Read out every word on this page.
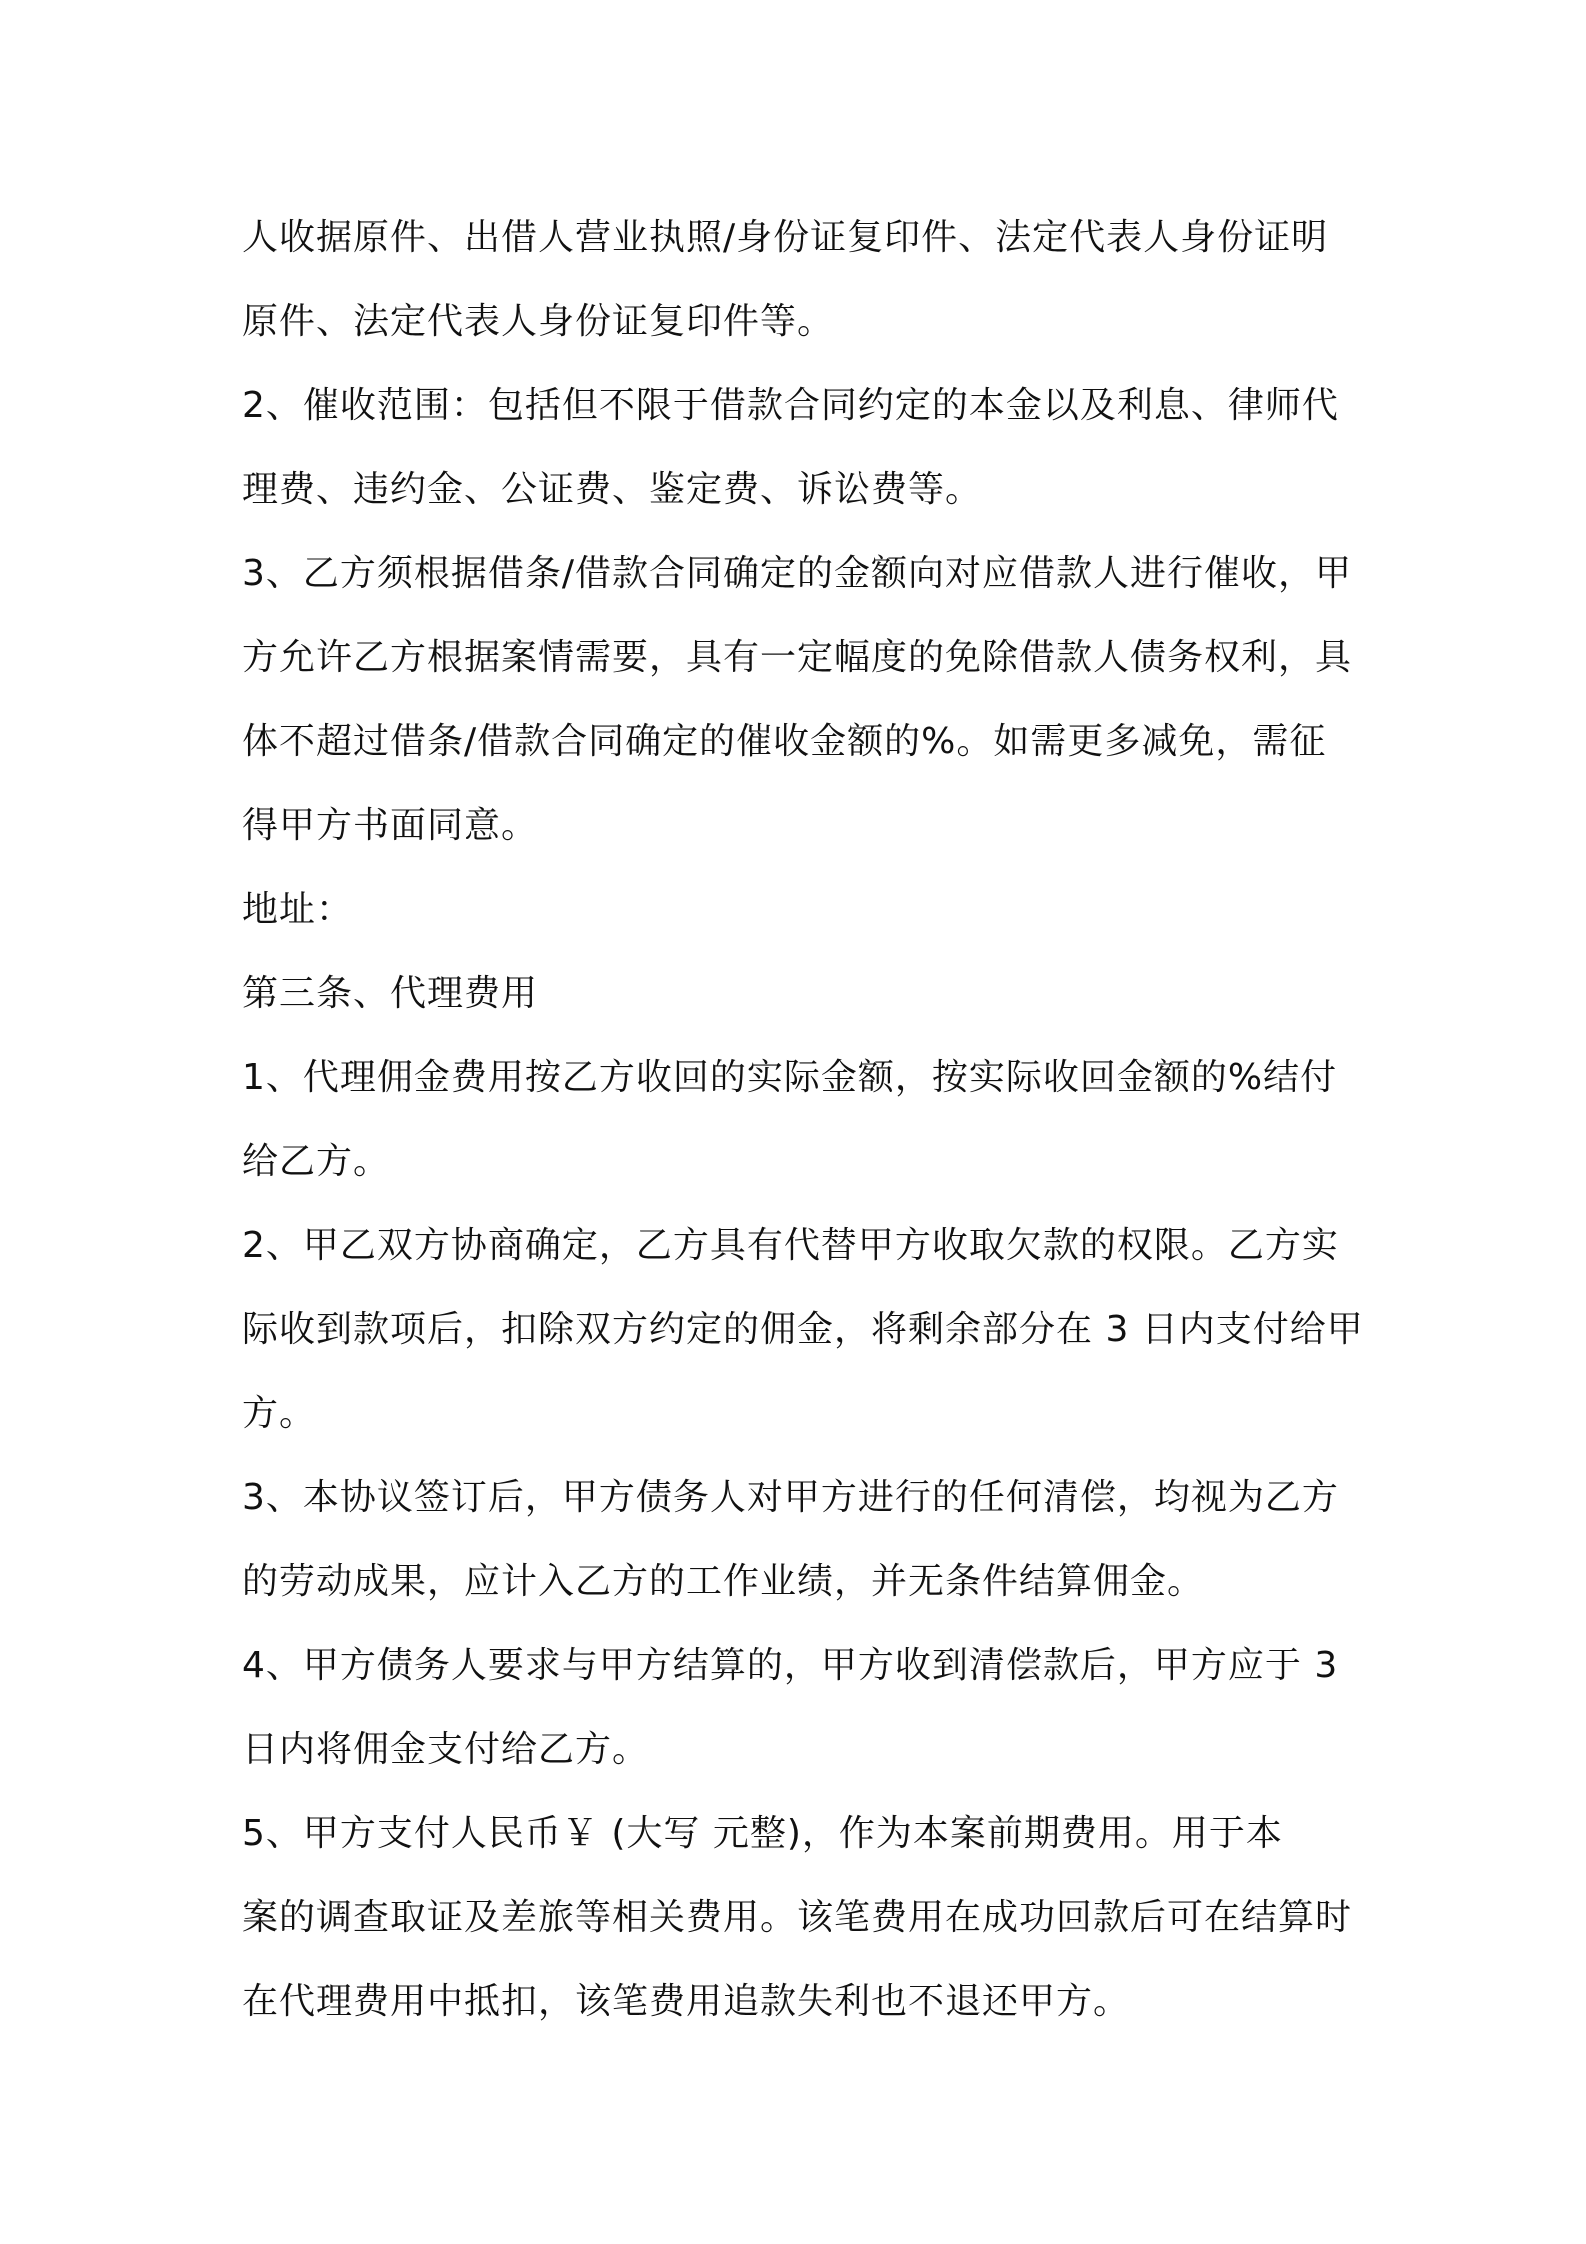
人收据原件、出借人营业执照/身份证复印件、法定代表人身份证明
原件、法定代表人身份证复印件等。
2、催收范围：包括但不限于借款合同约定的本金以及利息、律师代
理费、违约金、公证费、鉴定费、诉讼费等。
3、乙方须根据借条/借款合同确定的金额向对应借款人进行催收，甲
方允许乙方根据案情需要，具有一定幅度的免除借款人债务权利，具
体不超过借条/借款合同确定的催收金额的%。如需更多减免，需征
得甲方书面同意。
地址：
第三条、代理费用
1、代理佣金费用按乙方收回的实际金额，按实际收回金额的%结付
给乙方。
2、甲乙双方协商确定，乙方具有代替甲方收取欠款的权限。乙方实
际收到款项后，扣除双方约定的佣金，将剩余部分在 3 日内支付给甲
方。
3、本协议签订后，甲方债务人对甲方进行的任何清偿，均视为乙方
的劳动成果，应计入乙方的工作业绩，并无条件结算佣金。
4、甲方债务人要求与甲方结算的，甲方收到清偿款后，甲方应于 3
日内将佣金支付给乙方。
5、甲方支付人民币￥ (大写 元整)，作为本案前期费用。用于本
案的调查取证及差旅等相关费用。该笔费用在成功回款后可在结算时
在代理费用中抵扣，该笔费用追款失利也不退还甲方。
